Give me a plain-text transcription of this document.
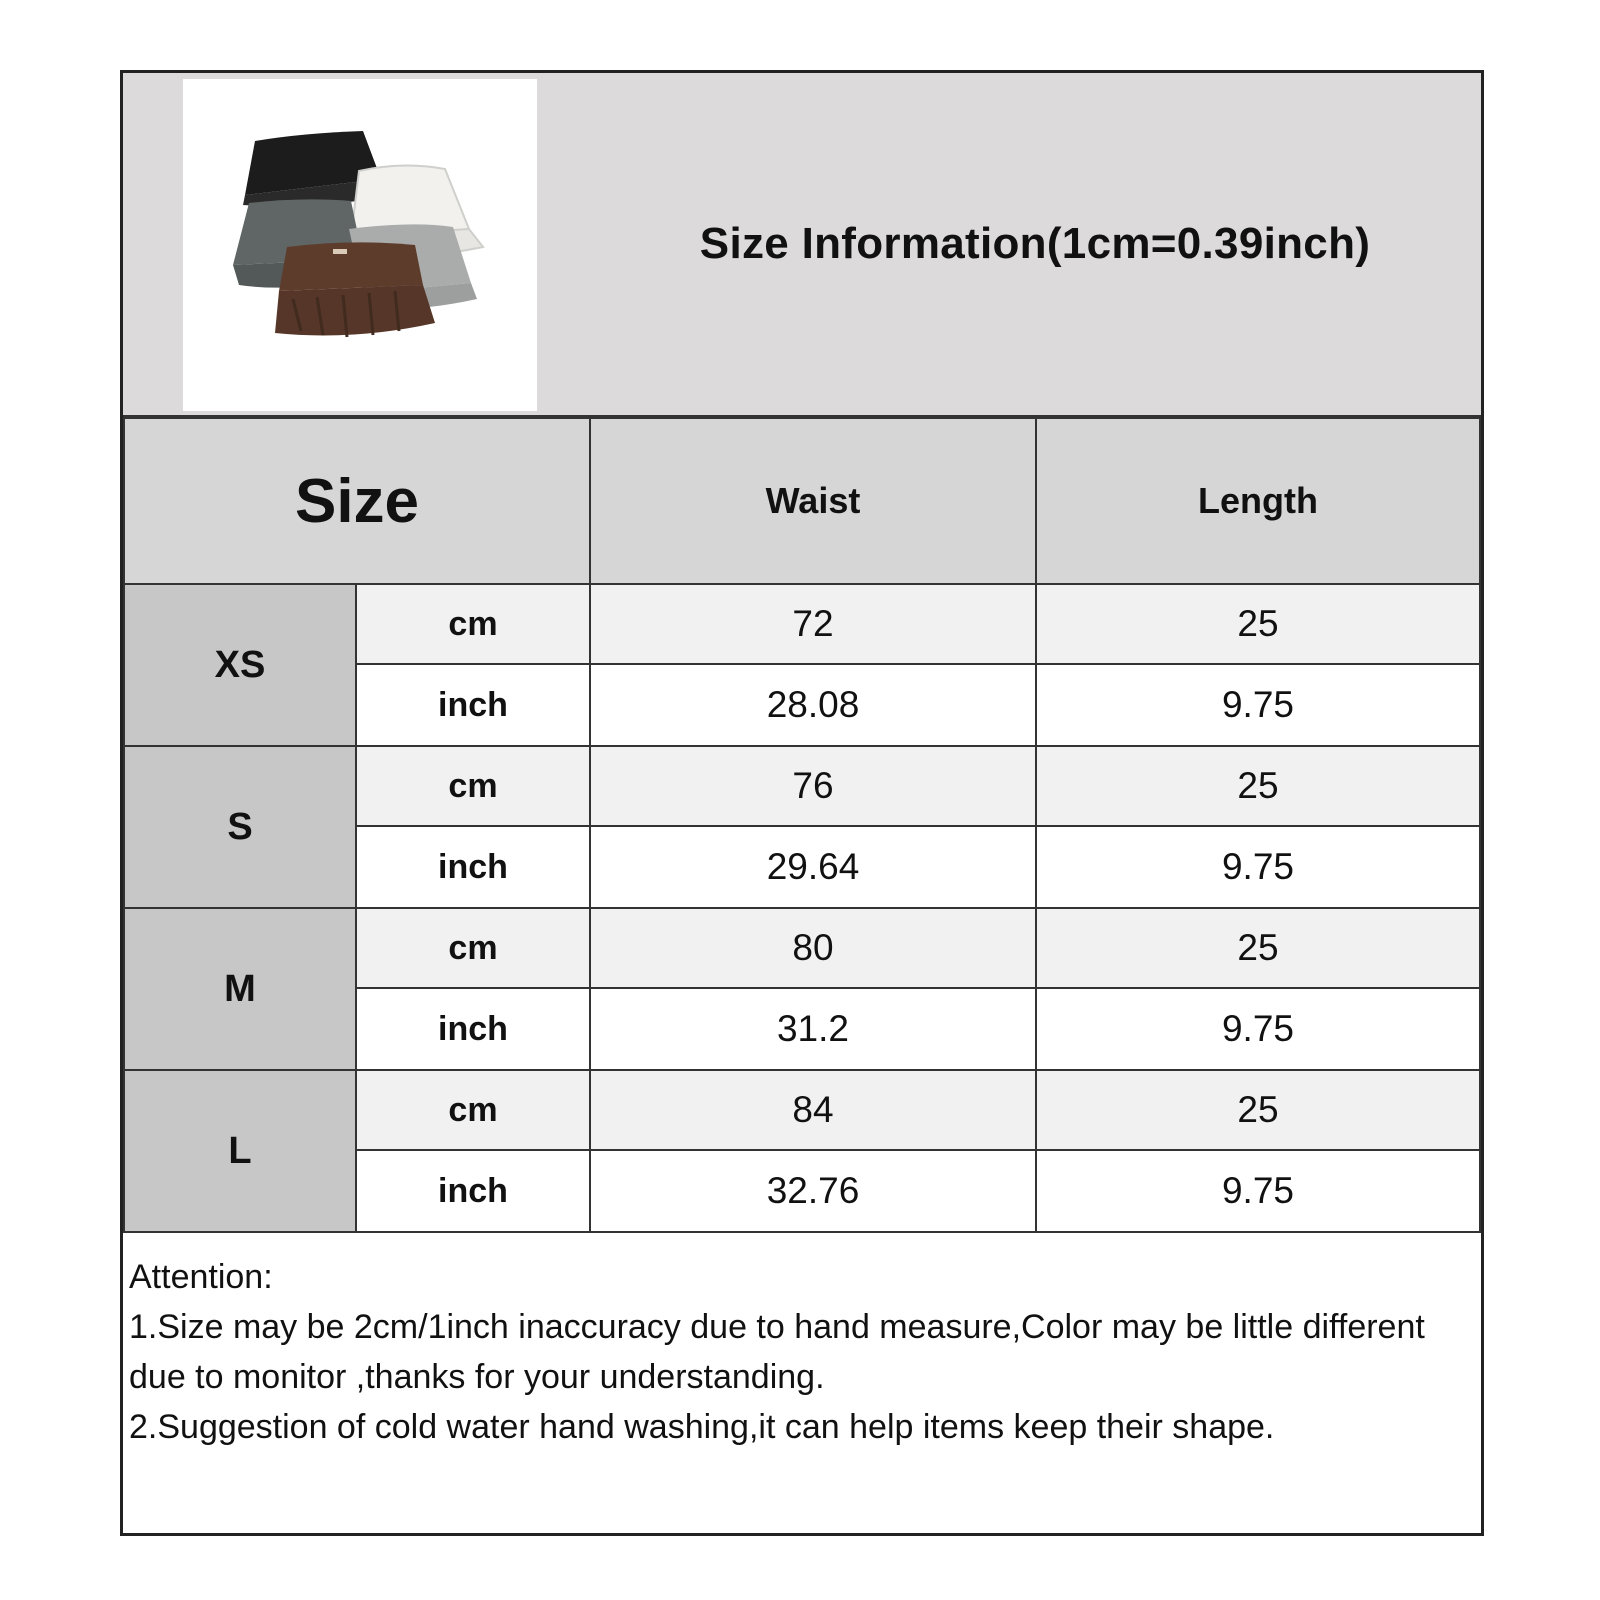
Size Information(1cm=0.39inch)
Size	Waist	Length
XS
cm	72	25
inch	28.08	9.75
S
cm	76	25
inch	29.64	9.75
M
cm	80	25
inch	31.2	9.75
L
cm	84	25
inch	32.76	9.75

Attention:

1.Size may be 2cm/1inch inaccuracy due to hand measure,Color may be little different due to monitor ,thanks for your understanding.

2.Suggestion of cold water hand washing,it can help items keep their shape.
